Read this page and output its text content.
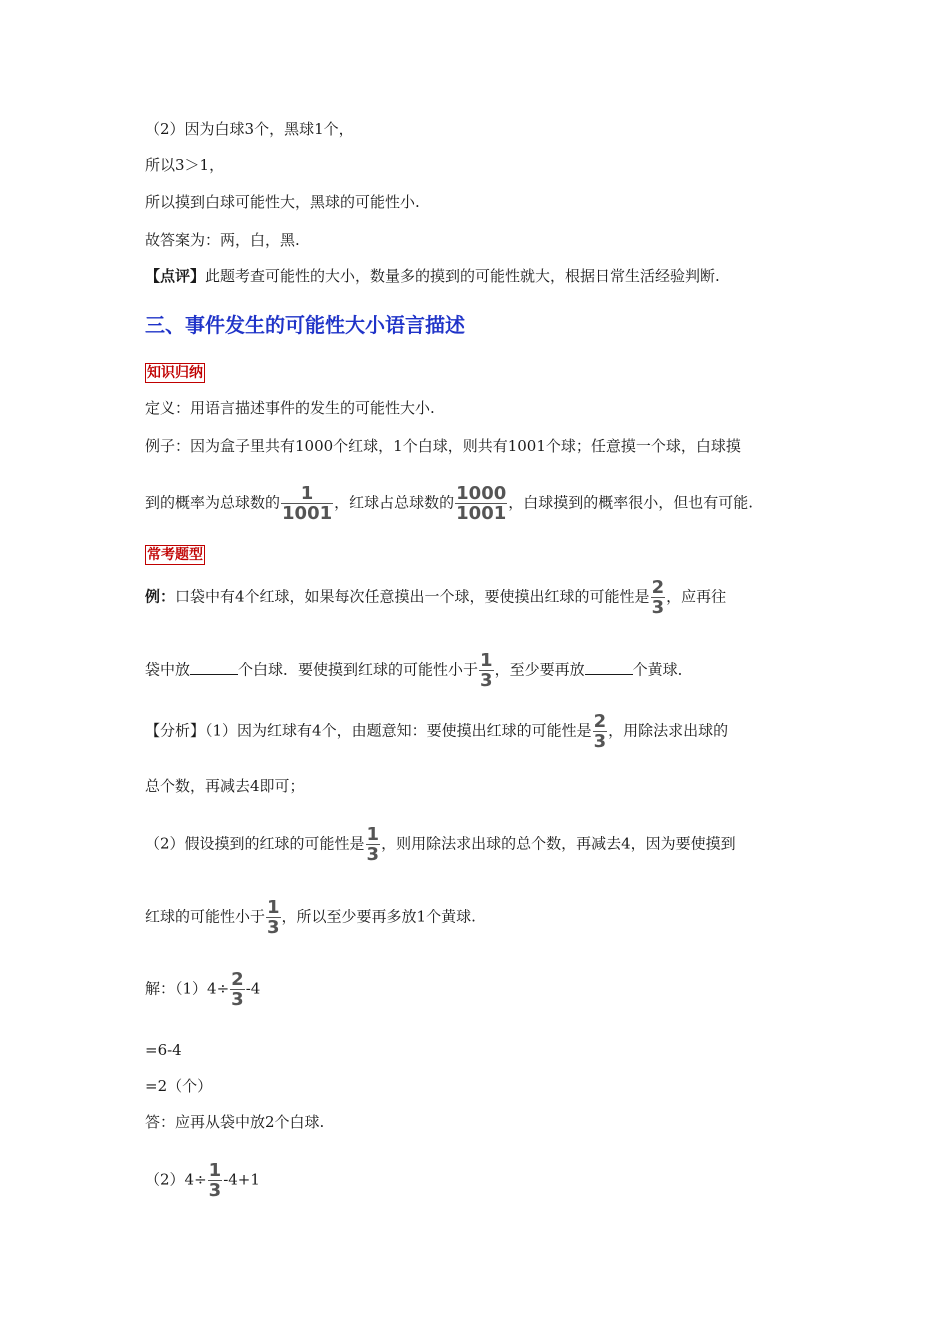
（2）因为白球3个，黑球1个，
所以3＞1，
所以摸到白球可能性大，黑球的可能性小.
故答案为：两，白，黑.
【点评】此题考查可能性的大小，数量多的摸到的可能性就大，根据日常生活经验判断.
三、事件发生的可能性大小语言描述
知识归纳
定义：用语言描述事件的发生的可能性大小.
例子：因为盒子里共有1000个红球，1个白球，则共有1001个球；任意摸一个球，白球摸
到的概率为总球数的 $\frac{1}{1001}$ ，红球占总球数的 $\frac{1000}{1001}$ ，白球摸到的概率很小，但也有可能.
常考题型
例：口袋中有4个红球，如果每次任意摸出一个球，要使摸出红球的可能性是 $\frac{2}{3}$ ，应再往
袋中放	个白球．要使摸到红球的可能性小于 $\frac{1}{3}$ ，至少要再放	个黄球．
【分析】（1）因为红球有4个，由题意知：要使摸出红球的可能性是 $\frac{2}{3}$ ，用除法求出球的
总个数，再减去4即可；
（2）假设摸到的红球的可能性是 $\frac{1}{3}$ ，则用除法求出球的总个数，再减去4，因为要使摸到
红球的可能性小于 $\frac{1}{3}$ ，所以至少要再多放1个黄球.
解：$(1)4\div \frac{2}{3} -4$
=6-4
=2（个）
答：应再从袋中放2个白球.
$(2)4\div \frac{1}{3} -4+1$
